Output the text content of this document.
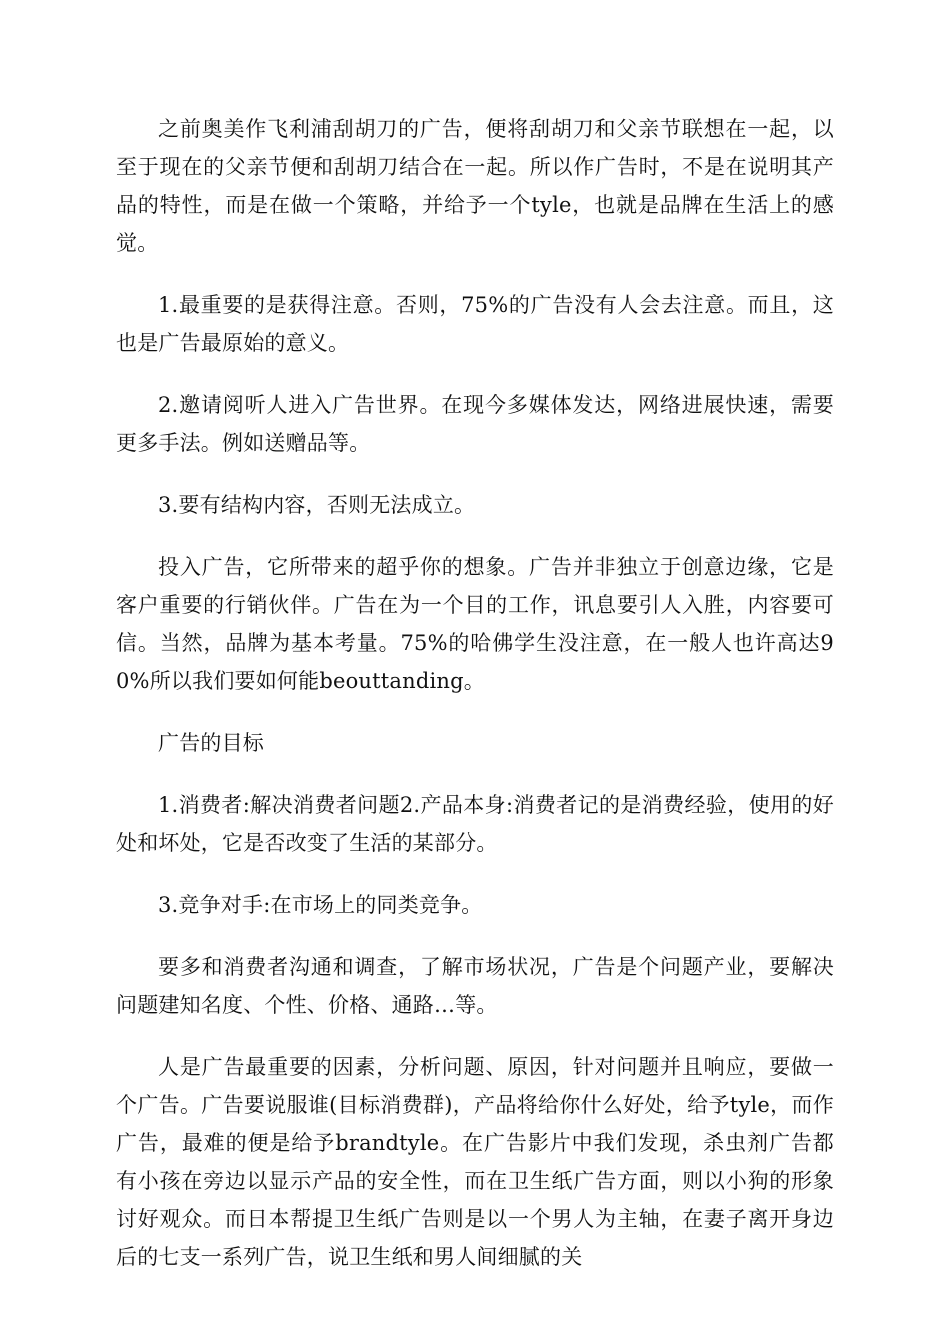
之前奥美作飞利浦刮胡刀的广告，便将刮胡刀和父亲节联想在一起，以至于现在的父亲节便和刮胡刀结合在一起。所以作广告时，不是在说明其产品的特性，而是在做一个策略，并给予一个tyle，也就是品牌在生活上的感觉。

1.最重要的是获得注意。否则，75%的广告没有人会去注意。而且，这也是广告最原始的意义。

2.邀请阅听人进入广告世界。在现今多媒体发达，网络进展快速，需要更多手法。例如送赠品等。

3.要有结构内容，否则无法成立。

投入广告，它所带来的超乎你的想象。广告并非独立于创意边缘，它是客户重要的行销伙伴。广告在为一个目的工作，讯息要引人入胜，内容要可信。当然，品牌为基本考量。75%的哈佛学生没注意，在一般人也许高达90%所以我们要如何能beouttanding。

广告的目标

1.消费者:解决消费者问题2.产品本身:消费者记的是消费经验，使用的好处和坏处，它是否改变了生活的某部分。

3.竞争对手:在市场上的同类竞争。

要多和消费者沟通和调查，了解市场状况，广告是个问题产业，要解决问题建知名度、个性、价格、通路…等。

人是广告最重要的因素，分析问题、原因，针对问题并且响应，要做一个广告。广告要说服谁(目标消费群)，产品将给你什么好处，给予tyle，而作广告，最难的便是给予brandtyle。在广告影片中我们发现，杀虫剂广告都有小孩在旁边以显示产品的安全性，而在卫生纸广告方面，则以小狗的形象讨好观众。而日本帮提卫生纸广告则是以一个男人为主轴，在妻子离开身边后的七支一系列广告，说卫生纸和男人间细腻的关
